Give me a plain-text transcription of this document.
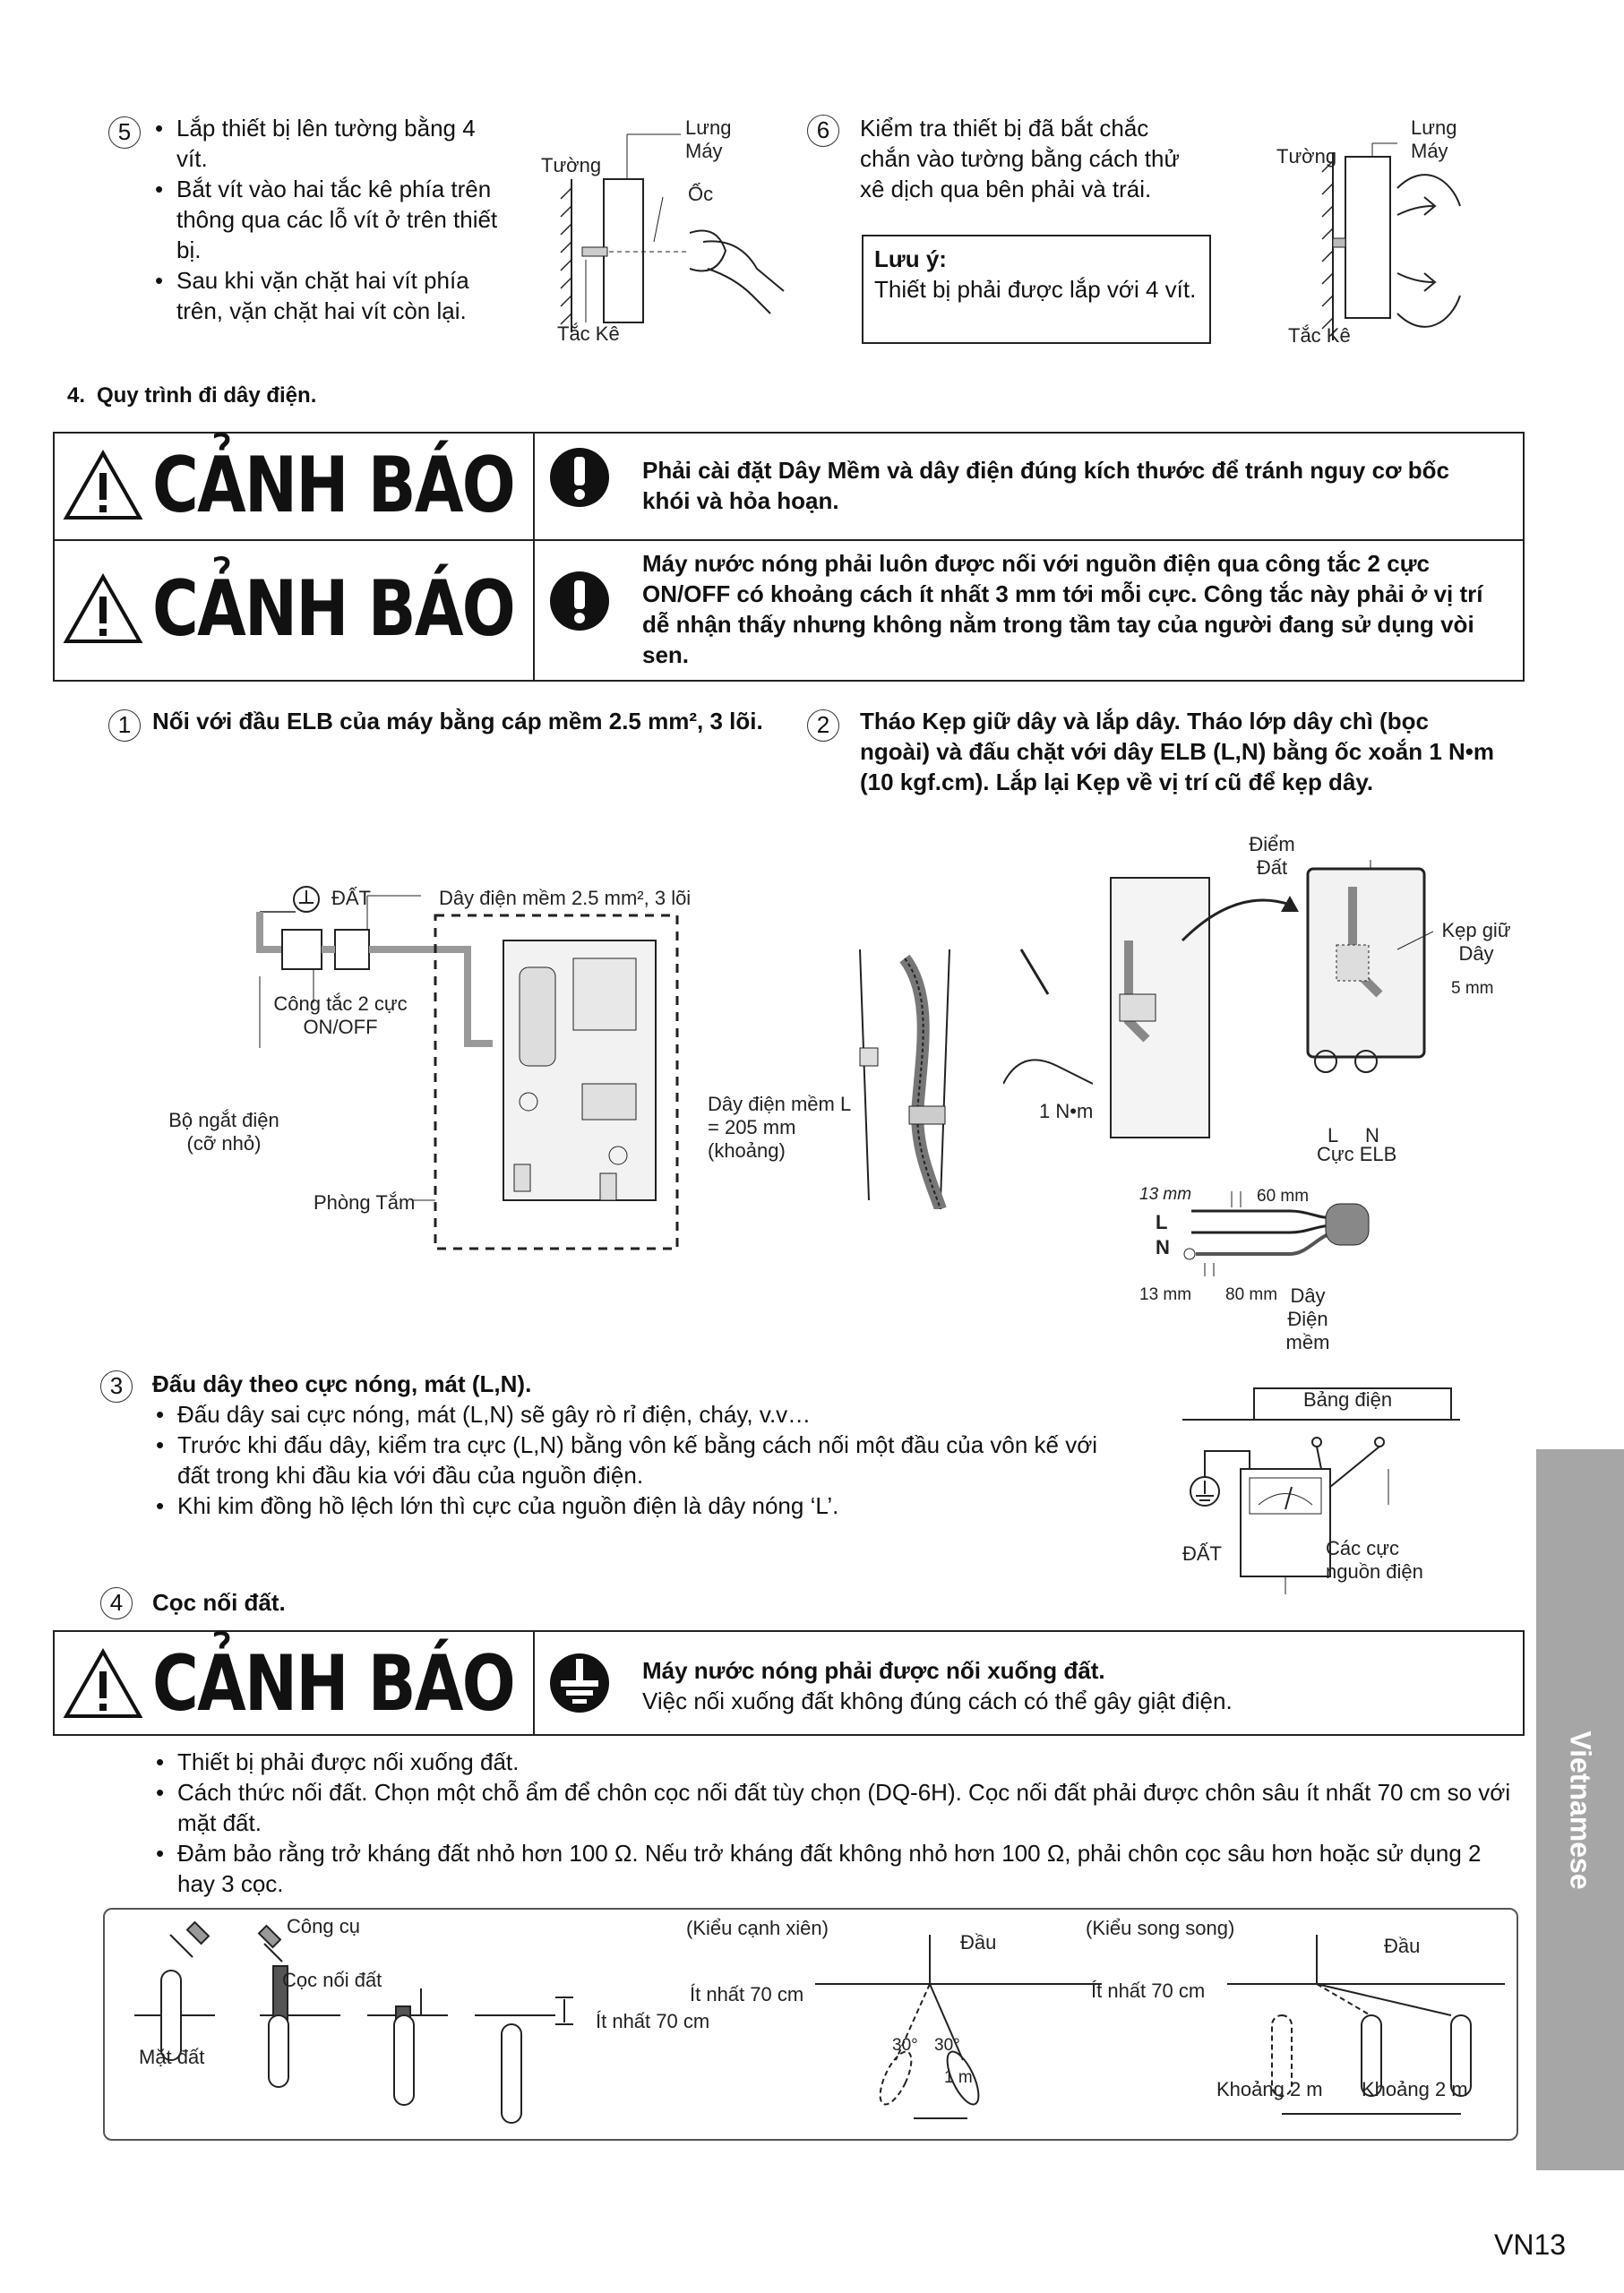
5
•	Lắp thiết bị lên tường bằng 4 vít.
• Bắt vít vào hai tắc kê phía trên thông qua các lỗ vít ở trên thiết bị.
• Sau khi vặn chặt hai vít phía trên, vặn chặt hai vít còn lại.
Tường
Lưng Máy
Ốc
Tắc Kê
6	Kiểm tra thiết bị đã bắt chắc chắn vào tường bằng cách thử xê dịch qua bên phải và trái.
Lưu ý:
Thiết bị phải được lắp với 4 vít.
Tường
Lưng Máy
Tắc Kê
4. Quy trình đi dây điện.
CẢNH BÁO	Phải cài đặt Dây Mềm và dây điện đúng kích thước để tránh nguy cơ bốc khói và hỏa hoạn.
CẢNH BÁO
Máy nước nóng phải luôn được nối với nguồn điện qua công tắc 2 cực ON/OFF có khoảng cách ít nhất 3 mm tới mỗi cực. Công tắc này phải ở vị trí dễ nhận thấy nhưng không nằm trong tầm tay của người đang sử dụng vòi sen.
1 Nối với đầu ELB của máy bằng cáp mềm 2.5 mm², 3 lõi.	2	Tháo Kẹp giữ dây và lắp dây. Tháo lớp dây chì (bọc ngoài) và đấu chặt với dây ELB (L,N) bằng ốc xoắn 1 N•m (10 kgf.cm). Lắp lại Kẹp về vị trí cũ để kẹp dây.
ĐẤT	Dây điện mềm 2.5 mm², 3 lõi
Công tắc 2 cực ON/OFF
Bộ ngắt điện (cỡ nhỏ)
Phòng Tắm
Dây điện mềm L = 205 mm (khoảng)
Điểm Đất
Kẹp giữ Dây
5 mm
1 N•m
L N
Cực ELB
13 mm	60 mm
L
N
13 mm 80 mm Dây Điện mềm
3	Đấu dây theo cực nóng, mát (L,N).
• Đấu dây sai cực nóng, mát (L,N) sẽ gây rò rỉ điện, cháy, v.v…
• Trước khi đấu dây, kiểm tra cực (L,N) bằng vôn kế bằng cách nối một đầu của vôn kế với đất trong khi đầu kia với đầu của nguồn điện.
• Khi kim đồng hồ lệch lớn thì cực của nguồn điện là dây nóng ‘L’.
Bảng điện
ĐẤT	Các cực nguồn điện
4	Cọc nối đất.
CẢNH BÁO	Máy nước nóng phải được nối xuống đất.
Việc nối xuống đất không đúng cách có thể gây giật điện.
• Thiết bị phải được nối xuống đất.
• Cách thức nối đất. Chọn một chỗ ẩm để chôn cọc nối đất tùy chọn (DQ-6H). Cọc nối đất phải được chôn sâu ít nhất 70 cm so với mặt đất.
• Đảm bảo rằng trở kháng đất nhỏ hơn 100 Ω. Nếu trở kháng đất không nhỏ hơn 100 Ω, phải chôn cọc sâu hơn hoặc sử dụng 2 hay 3 cọc.
Công cụ
Cọc nối đất
Mặt đất
Ít nhất 70 cm
(Kiểu cạnh xiên)
Đầu
Ít nhất 70 cm
30° 30°
1 m
(Kiểu song song)
Đầu
Ít nhất 70 cm
Khoảng 2 m Khoảng 2 m
Vietnamese
VN13
